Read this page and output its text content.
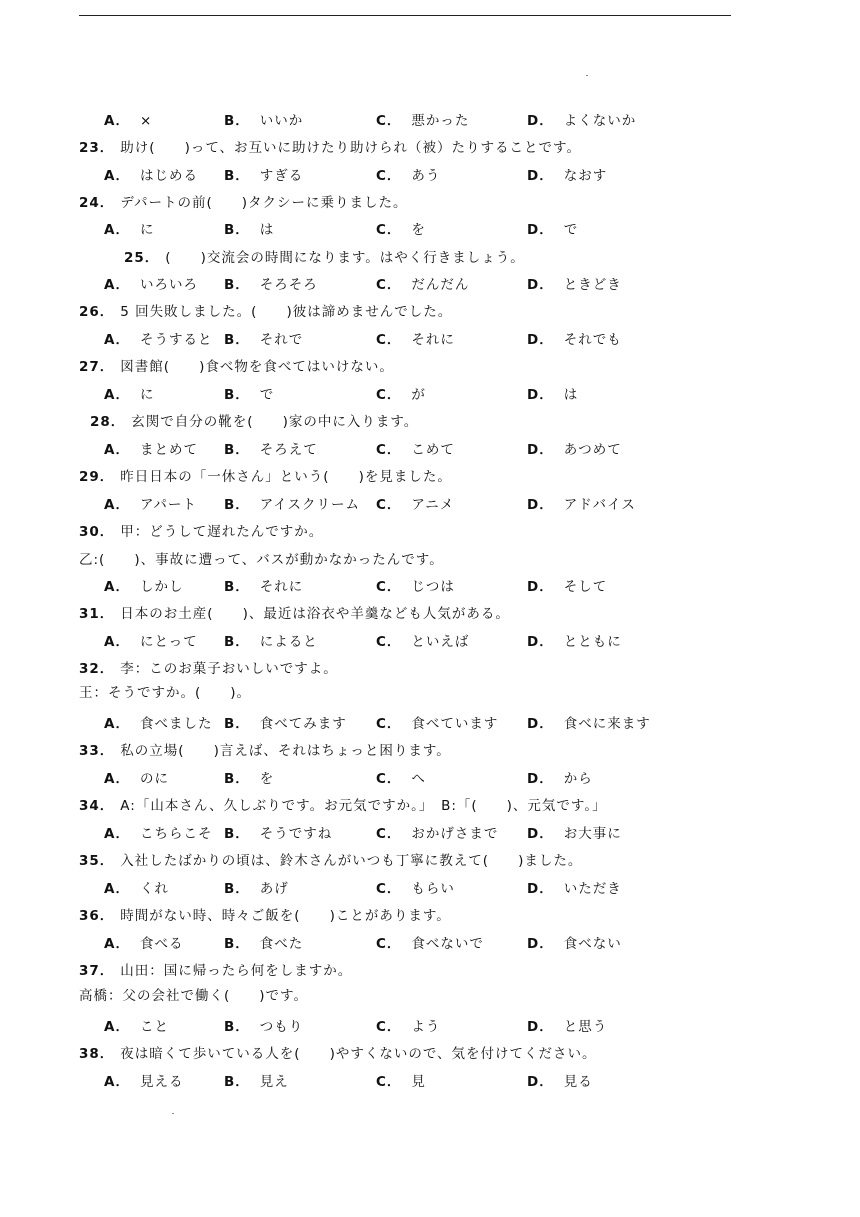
A． ×	B． いいか	C． 悪かった	D． よくないか
23． 助け(　　)って、お互いに助けたり助けられ（被）たりすることです。
A． はじめる B． すぎる	C． あう	D． なおす
24． デパートの前(　　)タクシーに乗りました。
A． に	B． は	C． を	D． で
25． (　　)交流会の時間になります。はやく行きましょう。
A． いろいろ B． そろそろ	C． だんだん	D． ときどき
26． 5 回失敗しました。(　　)彼は諦めませんでした。
A． そうすると B． それで	C． それに	D． それでも
27． 図書館(　　)食べ物を食べてはいけない。
A． に	B． で	C． が	D． は
28． 玄関で自分の靴を(　　)家の中に入ります。
A． まとめて B． そろえて	C． こめて	D． あつめて
29． 昨日日本の「一休さん」という(　　)を見ました。
A． アパート B． アイスクリーム C． アニメ	D． アドバイス
30． 甲：どうして遅れたんですか。
乙:(　　)、事故に遭って、バスが動かなかったんです。
A． しかし	B． それに	C． じつは	D． そして
31． 日本のお土産(　　)、最近は浴衣や羊羹なども人気がある。
A． にとって B． によると	C． といえば	D． とともに
32． 李：このお菓子おいしいですよ。
王：そうですか。(　　)。
A． 食べました B． 食べてみます C． 食べています D． 食べに来ます
33． 私の立場(　　)言えば、それはちょっと困ります。
A． のに	B． を	C． へ	D． から
34． A:「山本さん、久しぶりです。お元気ですか。」　B:「(　　)、元気です。」
A． こちらこそ B． そうですね	C． おかげさまで D． お大事に
35． 入社したばかりの頃は、鈴木さんがいつも丁寧に教えて(　　)ました。
A． くれ	B． あげ	C． もらい	D． いただき
36． 時間がない時、時々ご飯を(　　)ことがあります。
A． 食べる	B． 食べた	C． 食べないで	D． 食べない
37． 山田：国に帰ったら何をしますか。
高橋：父の会社で働く(　　)です。
A． こと	B． つもり	C． よう	D． と思う
38． 夜は暗くて歩いている人を(　　)やすくないので、気を付けてください。
A． 見える	B． 見え	C． 見	D． 見る
